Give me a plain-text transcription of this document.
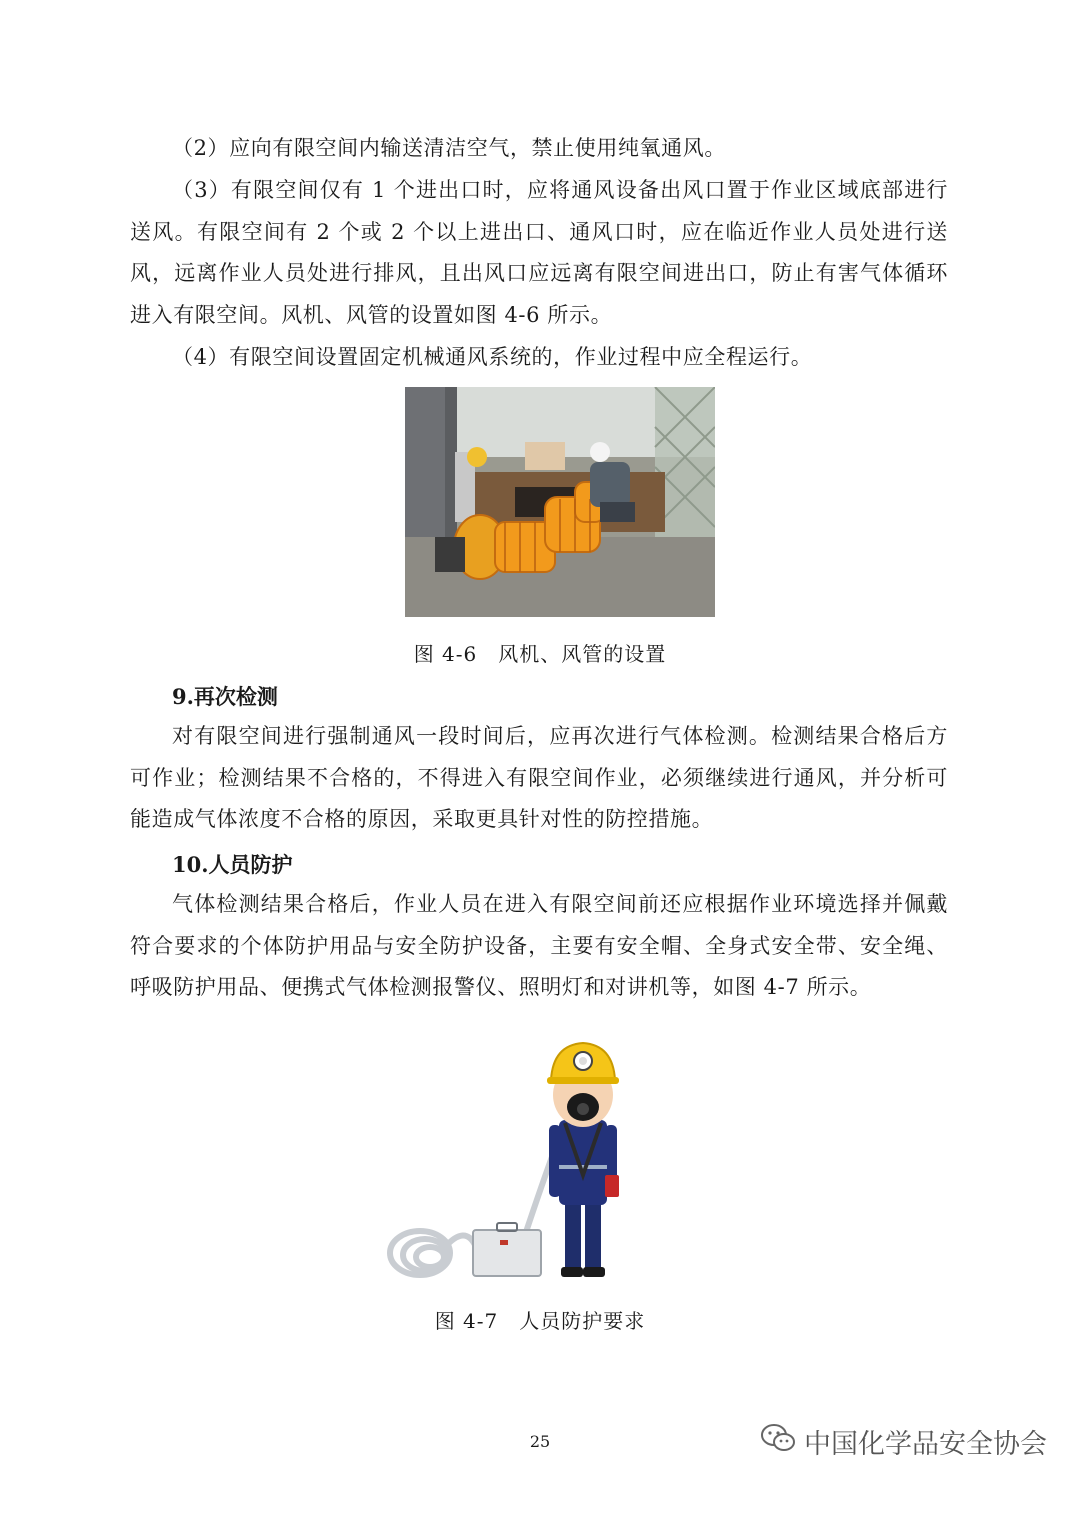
（2）应向有限空间内输送清洁空气，禁止使用纯氧通风。

（3）有限空间仅有 1 个进出口时，应将通风设备出风口置于作业区域底部进行送风。有限空间有 2 个或 2 个以上进出口、通风口时，应在临近作业人员处进行送风，远离作业人员处进行排风，且出风口应远离有限空间进出口，防止有害气体循环进入有限空间。风机、风管的设置如图 4-6 所示。

（4）有限空间设置固定机械通风系统的，作业过程中应全程运行。

图 4-6　风机、风管的设置

9.再次检测

对有限空间进行强制通风一段时间后，应再次进行气体检测。检测结果合格后方可作业；检测结果不合格的，不得进入有限空间作业，必须继续进行通风，并分析可能造成气体浓度不合格的原因，采取更具针对性的防控措施。

10.人员防护

气体检测结果合格后，作业人员在进入有限空间前还应根据作业环境选择并佩戴符合要求的个体防护用品与安全防护设备，主要有安全帽、全身式安全带、安全绳、呼吸防护用品、便携式气体检测报警仪、照明灯和对讲机等，如图 4-7 所示。

图 4-7　人员防护要求
25	中国化学品安全协会
